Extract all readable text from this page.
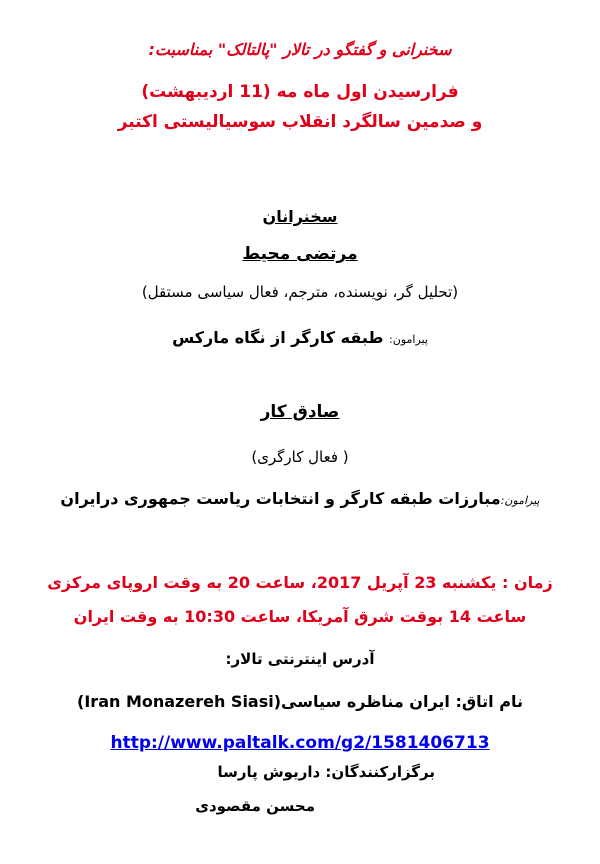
سخنرانی و گفتگو در تالار "پالتالک" بمناسبت:
فرارسیدن اول ماه مه (11 اردیبهشت)
و صدمین سالگرد انقلاب سوسیالیستی اکتبر
سخنرانان
مرتضی محیط
(تحلیل گر، نویسنده، مترجم، فعال سیاسی مستقل)
پیرامون: طبقه کارگر از نگاه مارکس
صادق کار
( فعال کارگری)
پیرامون:مبارزات طبقه کارگر و انتخابات ریاست جمهوری درایران
زمان : یکشنبه 23 آپریل 2017، ساعت 20 به وقت اروپای مرکزی
ساعت 14 بوقت شرق آمریکا، ساعت 10:30 به وقت ایران
آدرس اینترنتی تالار:
نام اتاق: ایران مناظره سیاسی(Iran Monazereh Siasi)
http://www.paltalk.com/g2/1581406713
برگزارکنندگان: داریوش پارسا
محسن مقصودی
